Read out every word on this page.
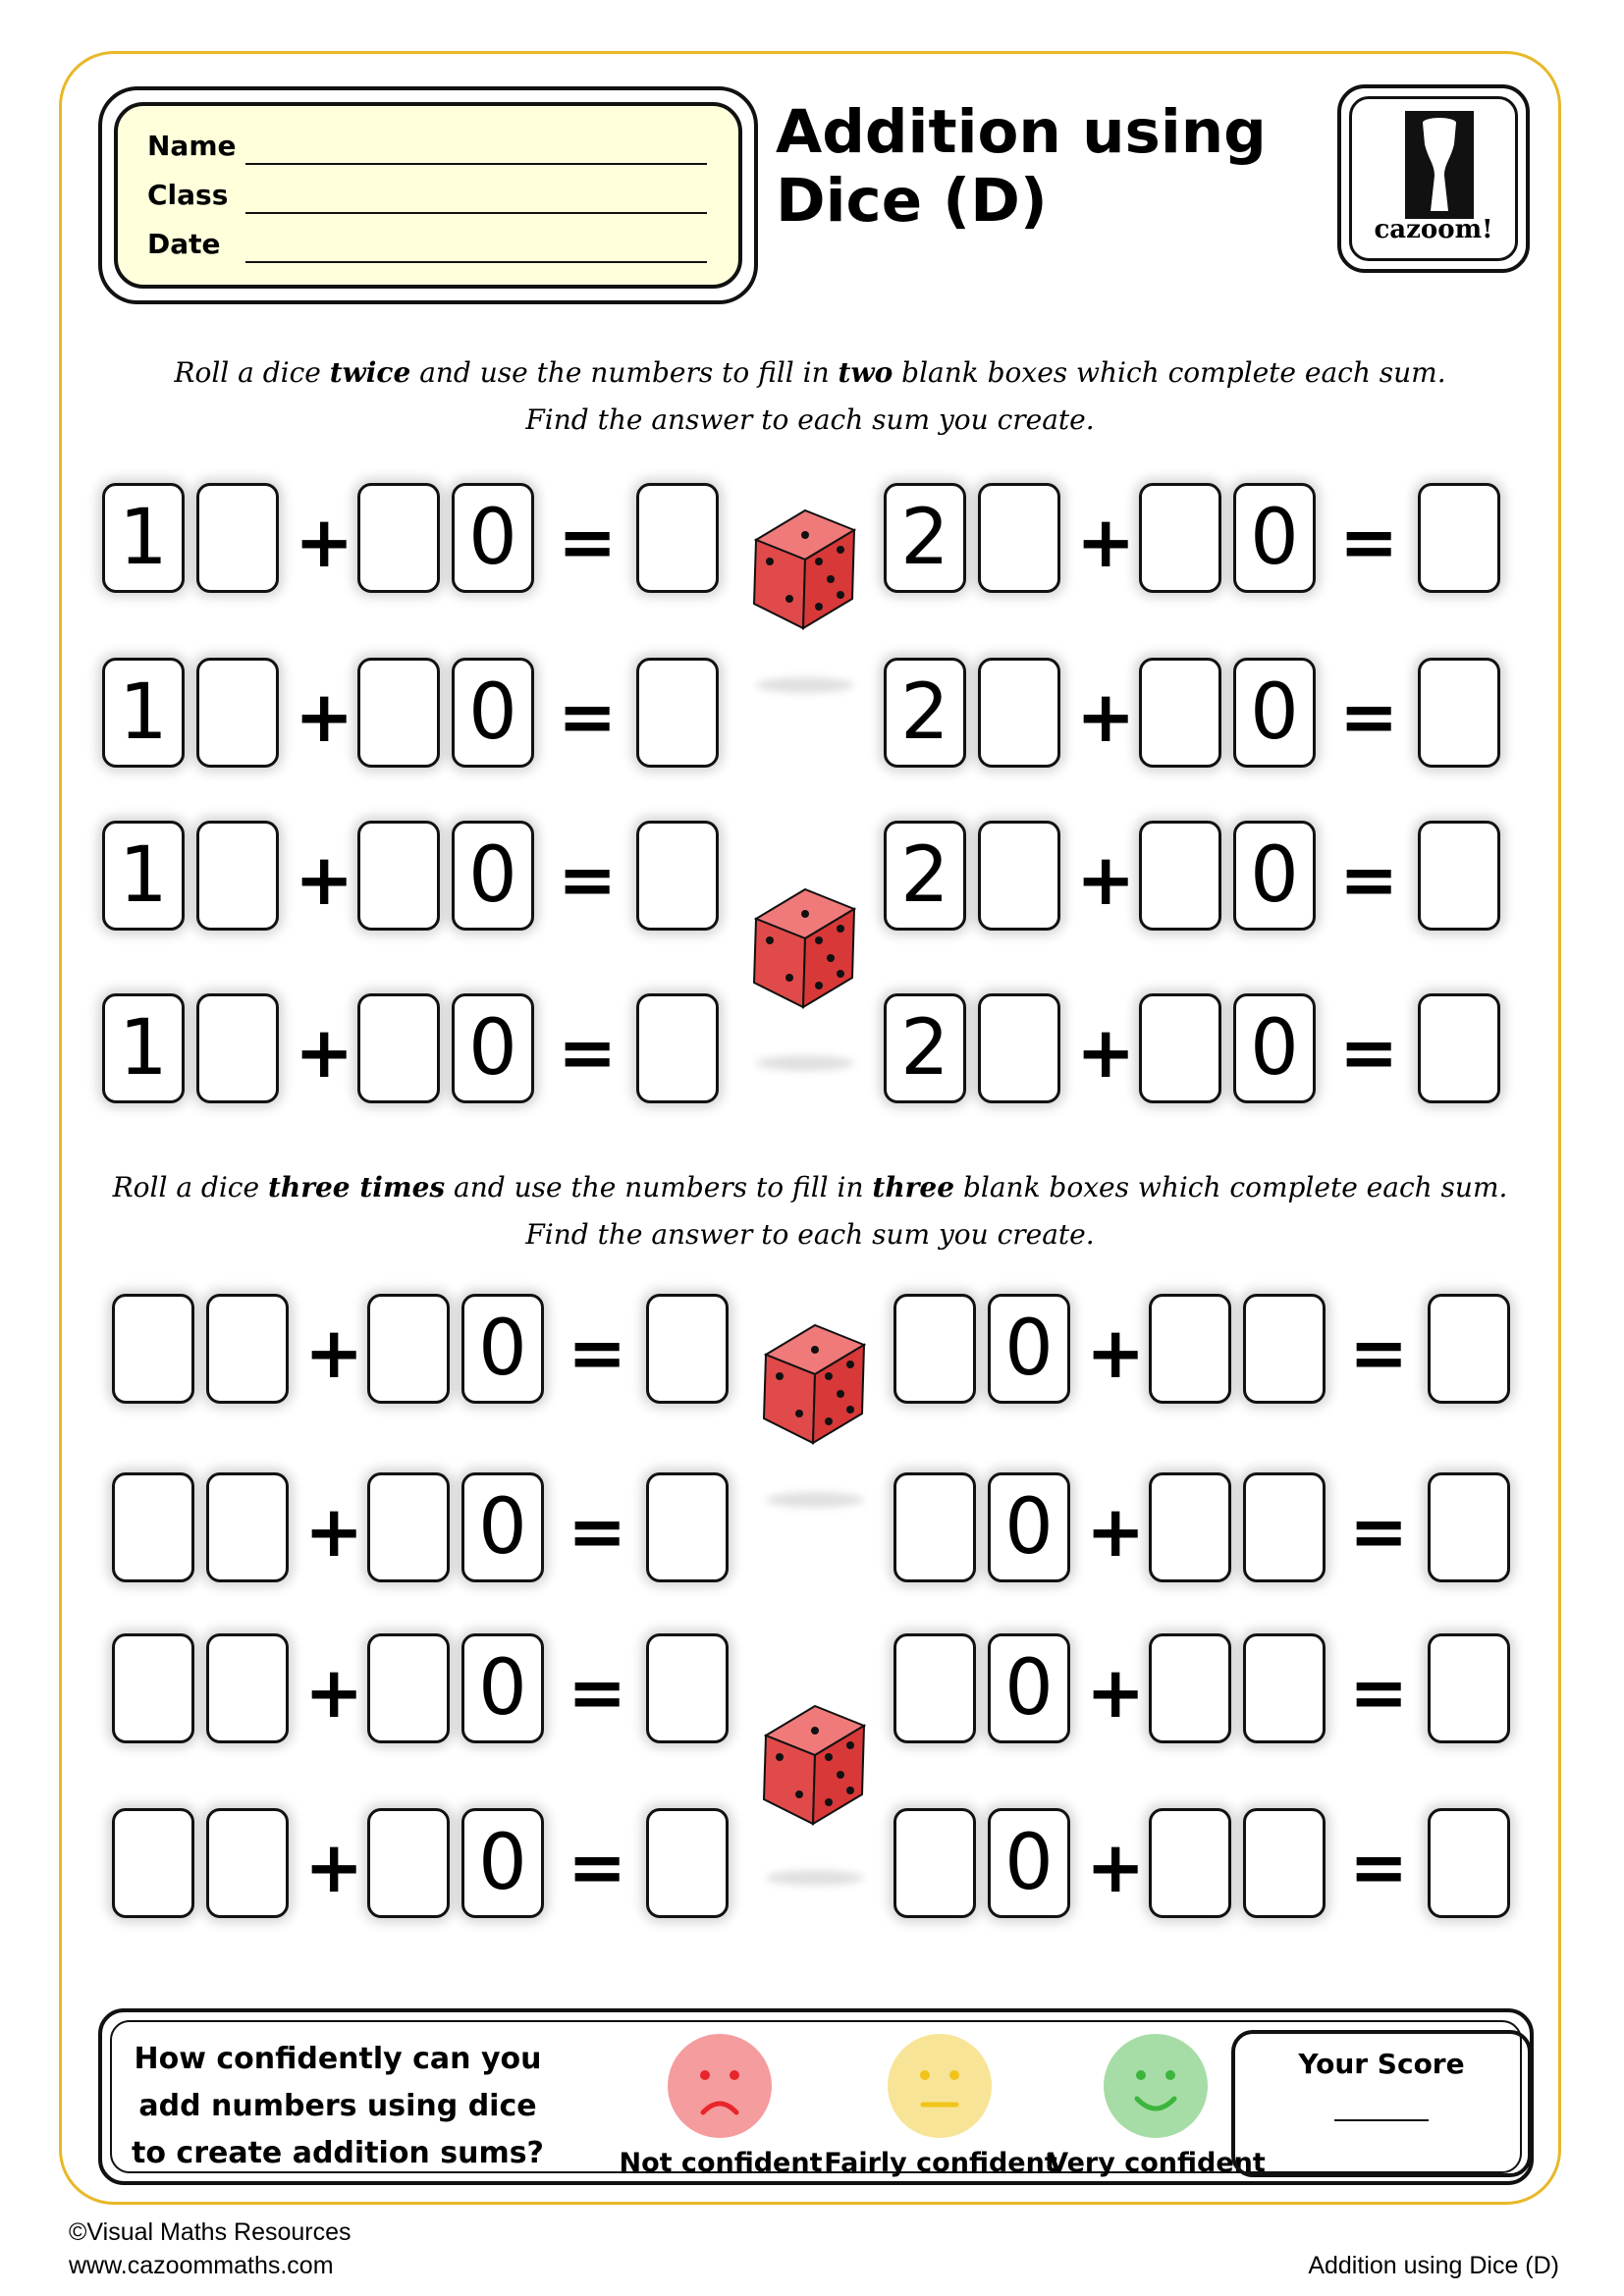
Name
Class
Date
Addition using
Dice (D)	cazoom!
Roll a dice twice and use the numbers to fill in two blank boxes which complete each sum.
Find the answer to each sum you create.
Roll a dice three times and use the numbers to fill in three blank boxes which complete each sum.
Find the answer to each sum you create.
1 + 0 =
1 + 0 =
1 + 0 =
1 + 0 =
2 + 0 =
2 + 0 =
2 + 0 =
2 + 0 =
+ 0 =
+ 0 =
+ 0 =
+ 0 =
0 +	=
0 +	=
0 +	=
0 +	=
How confidently can you add numbers using dice to create addition sums?	Not confident Fairly confident
Very confident
Your Score
©Visual Maths Resources
www.cazoommaths.com	Addition using Dice (D)
